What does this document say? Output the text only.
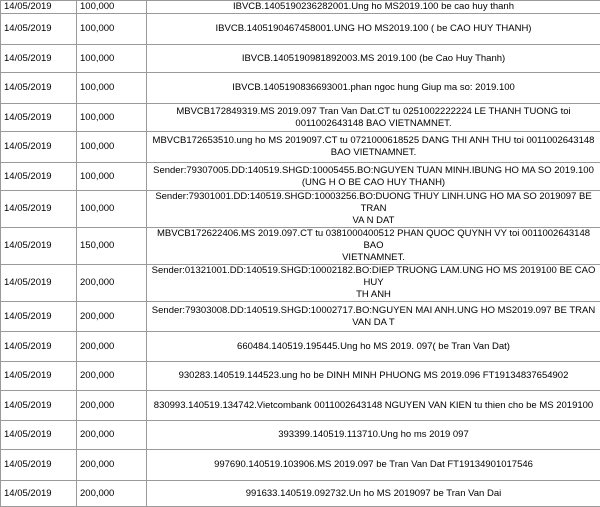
14/05/2019	100,000	IBVCB.1405190236282001.Ung ho MS2019.100 be cao huy thanh
14/05/2019	100,000	IBVCB.1405190467458001.UNG HO MS2019.100 ( be CAO HUY THANH)
14/05/2019	100,000	IBVCB.1405190981892003.MS 2019.100 (be Cao Huy Thanh)
14/05/2019	100,000	IBVCB.1405190836693001.phan ngoc hung Giup ma so: 2019.100
14/05/2019	100,000	MBVCB172849319.MS 2019.097 Tran Van Dat.CT tu 0251002222224 LE THANH TUONG toi
0011002643148 BAO VIETNAMNET.
14/05/2019	100,000	MBVCB172653510.ung ho MS 2019097.CT tu 0721000618525 DANG THI ANH THU toi 0011002643148
BAO VIETNAMNET.
14/05/2019	100,000	Sender:79307005.DD:140519.SHGD:10005455.BO:NGUYEN TUAN MINH.IBUNG HO MA SO 2019.100
(UNG H O BE CAO HUY THANH)
14/05/2019	100,000	Sender:79301001.DD:140519.SHGD:10003256.BO:DUONG THUY LINH.UNG HO MA SO 2019097 BE TRAN
VA N DAT
14/05/2019	150,000	MBVCB172622406.MS 2019.097.CT tu 0381000400512 PHAN QUOC QUYNH VY toi 0011002643148 BAO
VIETNAMNET.
14/05/2019	200,000	Sender:01321001.DD:140519.SHGD:10002182.BO:DIEP TRUONG LAM.UNG HO MS 2019100 BE CAO HUY
TH ANH
14/05/2019	200,000	Sender:79303008.DD:140519.SHGD:10002717.BO:NGUYEN MAI ANH.UNG HO MS2019.097 BE TRAN
VAN DA T
14/05/2019	200,000	660484.140519.195445.Ung ho MS 2019. 097( be Tran Van Dat)
14/05/2019	200,000	930283.140519.144523.ung ho be DINH MINH PHUONG MS 2019.096 FT19134837654902
14/05/2019	200,000	830993.140519.134742.Vietcombank 0011002643148 NGUYEN VAN KIEN tu thien cho be MS 2019100
14/05/2019	200,000	393399.140519.113710.Ung ho ms 2019 097
14/05/2019	200,000	997690.140519.103906.MS 2019.097 be Tran Van Dat FT19134901017546
14/05/2019	200,000	991633.140519.092732.Un ho MS 2019097 be Tran Van Dai
